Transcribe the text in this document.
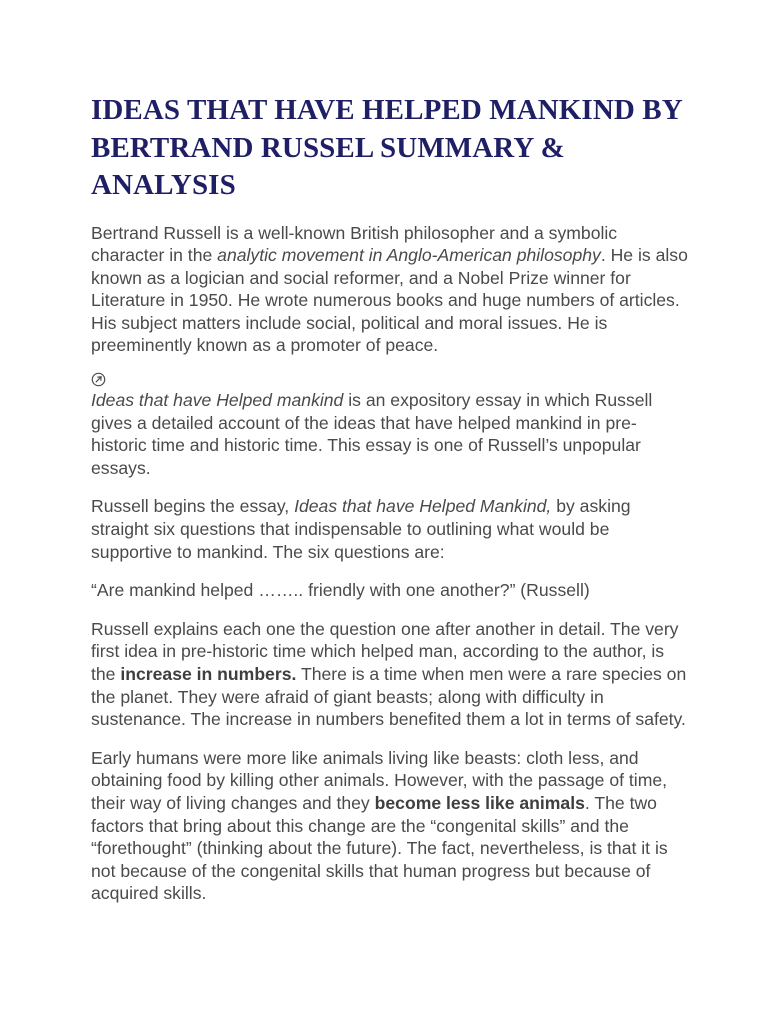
IDEAS THAT HAVE HELPED MANKIND BY BERTRAND RUSSEL SUMMARY & ANALYSIS

Bertrand Russell is a well-known British philosopher and a symbolic character in the analytic movement in Anglo-American philosophy. He is also known as a logician and social reformer, and a Nobel Prize winner for Literature in 1950. He wrote numerous books and huge numbers of articles. His subject matters include social, political and moral issues. He is preeminently known as a promoter of peace.

Ideas that have Helped mankind is an expository essay in which Russell gives a detailed account of the ideas that have helped mankind in pre-historic time and historic time. This essay is one of Russell’s unpopular essays.

Russell begins the essay, Ideas that have Helped Mankind, by asking straight six questions that indispensable to outlining what would be supportive to mankind. The six questions are:

“Are mankind helped …….. friendly with one another?” (Russell)

Russell explains each one the question one after another in detail. The very first idea in pre-historic time which helped man, according to the author, is the increase in numbers. There is a time when men were a rare species on the planet. They were afraid of giant beasts; along with difficulty in sustenance. The increase in numbers benefited them a lot in terms of safety.

Early humans were more like animals living like beasts: cloth less, and obtaining food by killing other animals. However, with the passage of time, their way of living changes and they become less like animals. The two factors that bring about this change are the “congenital skills” and the “forethought” (thinking about the future). The fact, nevertheless, is that it is not because of the congenital skills that human progress but because of acquired skills.
